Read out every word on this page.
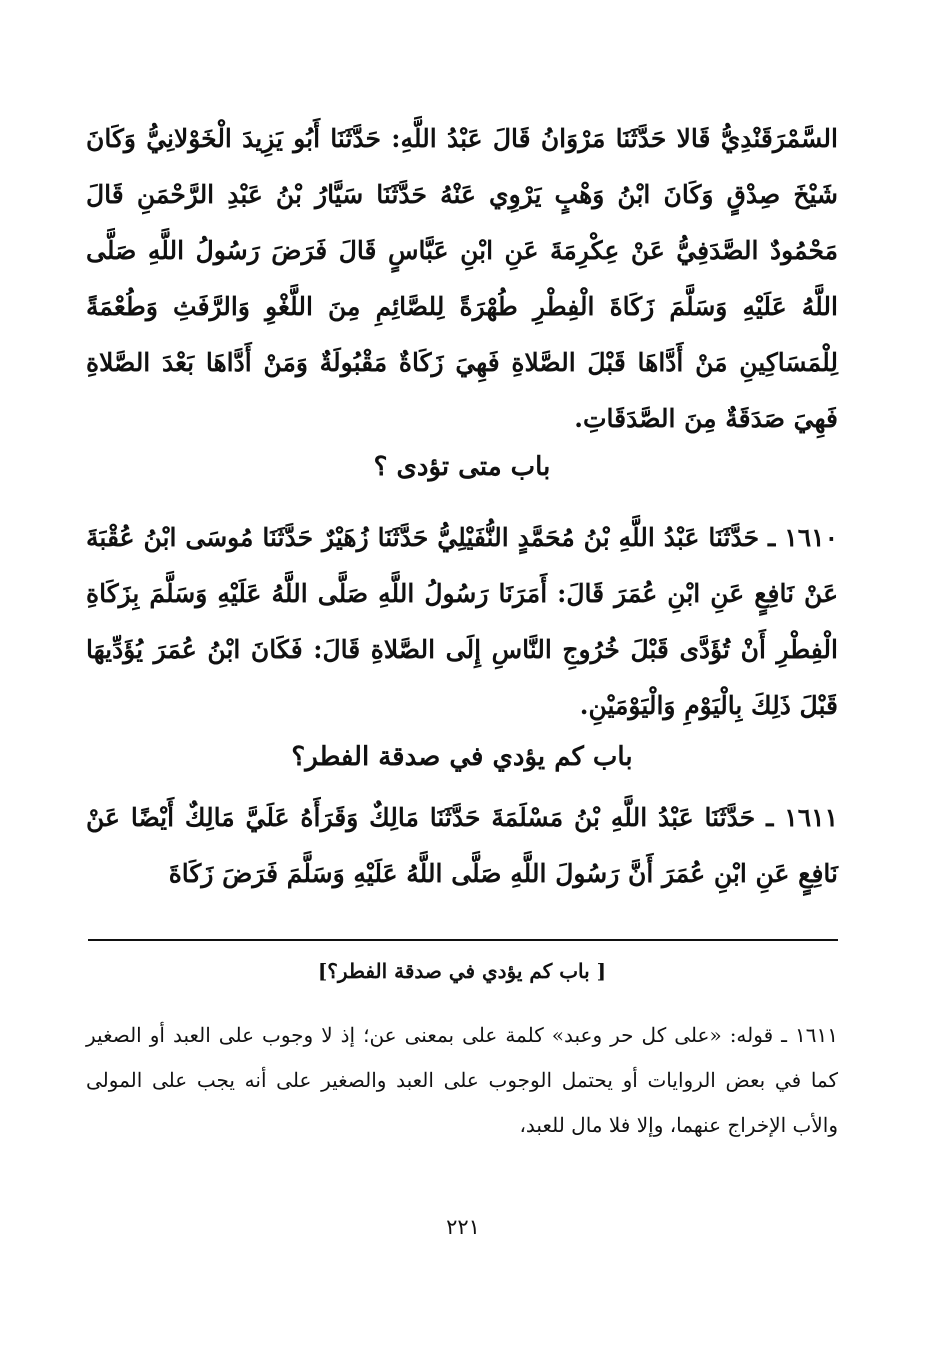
السَّمْرَقَنْدِيُّ قَالا حَدَّثَنَا مَرْوَانُ قَالَ عَبْدُ اللَّهِ: حَدَّثَنَا أَبُو يَزِيدَ الْخَوْلانِيُّ وَكَانَ شَيْخَ صِدْقٍ وَكَانَ ابْنُ وَهْبٍ يَرْوِي عَنْهُ حَدَّثَنَا سَيَّارُ بْنُ عَبْدِ الرَّحْمَنِ قَالَ مَحْمُودٌ الصَّدَفِيُّ عَنْ عِكْرِمَةَ عَنِ ابْنِ عَبَّاسٍ قَالَ فَرَضَ رَسُولُ اللَّهِ صَلَّى اللَّهُ عَلَيْهِ وَسَلَّمَ زَكَاةَ الْفِطْرِ طُهْرَةً لِلصَّائِمِ مِنَ اللَّغْوِ وَالرَّفَثِ وَطُعْمَةً لِلْمَسَاكِينِ مَنْ أَدَّاهَا قَبْلَ الصَّلاةِ فَهِيَ زَكَاةٌ مَقْبُولَةٌ وَمَنْ أَدَّاهَا بَعْدَ الصَّلاةِ فَهِيَ صَدَقَةٌ مِنَ الصَّدَقَاتِ.

باب متى تؤدى ؟

١٦١٠ ـ حَدَّثَنَا عَبْدُ اللَّهِ بْنُ مُحَمَّدٍ النُّفَيْلِيُّ حَدَّثَنَا زُهَيْرٌ حَدَّثَنَا مُوسَى ابْنُ عُقْبَةَ عَنْ نَافِعٍ عَنِ ابْنِ عُمَرَ قَالَ: أَمَرَنَا رَسُولُ اللَّهِ صَلَّى اللَّهُ عَلَيْهِ وَسَلَّمَ بِزَكَاةِ الْفِطْرِ أَنْ تُؤَدَّى قَبْلَ خُرُوجِ النَّاسِ إِلَى الصَّلاةِ قَالَ: فَكَانَ ابْنُ عُمَرَ يُؤَدِّيهَا قَبْلَ ذَلِكَ بِالْيَوْمِ وَالْيَوْمَيْنِ.

باب كم يؤدي في صدقة الفطر؟

١٦١١ ـ حَدَّثَنَا عَبْدُ اللَّهِ بْنُ مَسْلَمَةَ حَدَّثَنَا مَالِكٌ وَقَرَأَهُ عَلَيَّ مَالِكٌ أَيْضًا عَنْ نَافِعٍ عَنِ ابْنِ عُمَرَ أَنَّ رَسُولَ اللَّهِ صَلَّى اللَّهُ عَلَيْهِ وَسَلَّمَ فَرَضَ زَكَاةَ

[ باب كم يؤدي في صدقة الفطر؟]

١٦١١ ـ قوله: «على كل حر وعبد» كلمة على بمعنى عن؛ إذ لا وجوب على العبد أو الصغير كما في بعض الروايات أو يحتمل الوجوب على العبد والصغير على أنه يجب على المولى والأب الإخراج عنهما، وإلا فلا مال للعبد،

٢٢١
